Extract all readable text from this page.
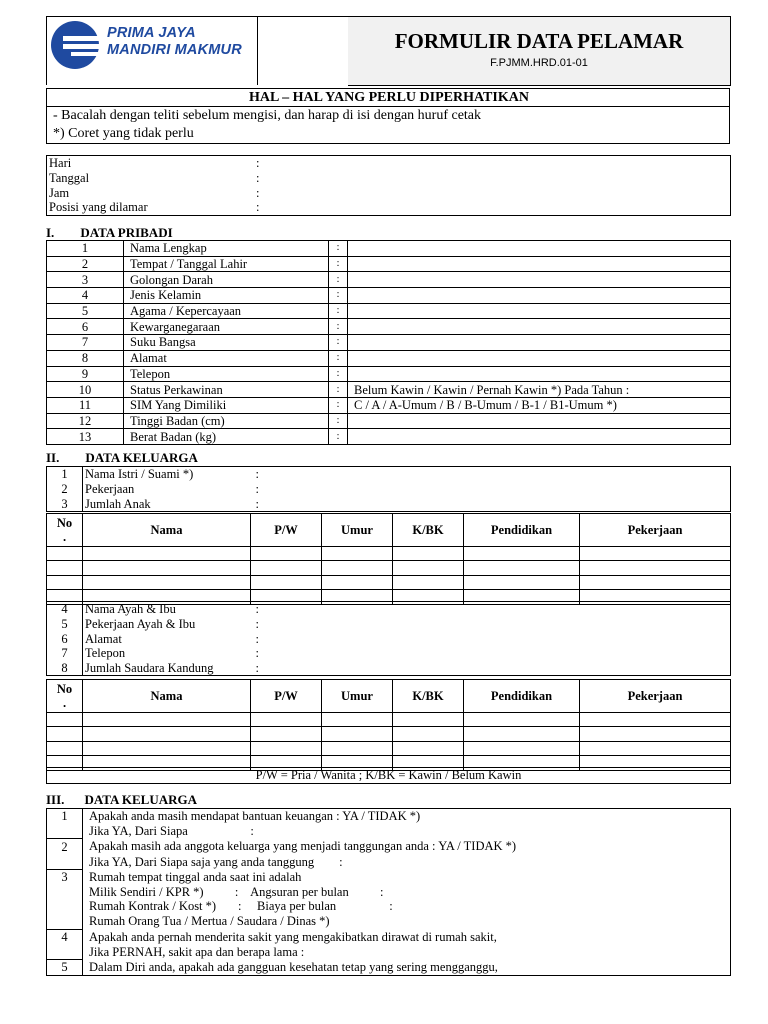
PRIMA JAYA
MANDIRI MAKMUR	FORMULIR DATA PELAMAR
F.PJMM.HRD.01-01
HAL – HAL YANG PERLU DIPERHATIKAN
- Bacalah dengan teliti sebelum mengisi, dan harap di isi dengan huruf cetak
*) Coret yang tidak perlu
Hari	:
Tanggal	:
Jam	:
Posisi yang dilamar	:
I. DATA PRIBADI
1	Nama Lengkap	:	
2	Tempat / Tanggal Lahir	:	
3	Golongan Darah	:	
4	Jenis Kelamin	:	
5	Agama / Kepercayaan	:	
6	Kewarganegaraan	:	
7	Suku Bangsa	:	
8	Alamat	:	
9	Telepon	:	
10	Status Perkawinan	:	Belum Kawin / Kawin / Pernah Kawin *) Pada Tahun :
11	SIM Yang Dimiliki	:	C / A / A-Umum / B / B-Umum / B-1 / B1-Umum *)
12	Tinggi Badan (cm)	:	
13	Berat Badan (kg)	:	
II. DATA KELUARGA
1	Nama Istri / Suami *)	:
2	Pekerjaan	:
3	Jumlah Anak	:
No
.	Nama	P/W	Umur	K/BK	Pendidikan	Pekerjaan

4	Nama Ayah & Ibu	:
5	Pekerjaan Ayah & Ibu	:
6	Alamat	:
7	Telepon	:
8	Jumlah Saudara Kandung	:
No
.	Nama	P/W	Umur	K/BK	Pendidikan	Pekerjaan

P/W = Pria / Wanita ; K/BK = Kawin / Belum Kawin
III. DATA KELUARGA
1	Apakah anda masih mendapat bantuan keuangan : YA / TIDAK *)
	Jika YA, Dari Siapa                    :
2	Apakah masih ada anggota keluarga yang menjadi tanggungan anda : YA / TIDAK *)
	Jika YA, Dari Siapa saja yang anda tanggung        :
3	Rumah tempat tinggal anda saat ini adalah
	Milik Sendiri / KPR *)          :    Angsuran per bulan          :
	Rumah Kontrak / Kost *)       :     Biaya per bulan                 :
	Rumah Orang Tua / Mertua / Saudara / Dinas *)
4	Apakah anda pernah menderita sakit yang mengakibatkan dirawat di rumah sakit,
	Jika PERNAH, sakit apa dan berapa lama :
5	Dalam Diri anda, apakah ada gangguan kesehatan tetap yang sering mengganggu,
